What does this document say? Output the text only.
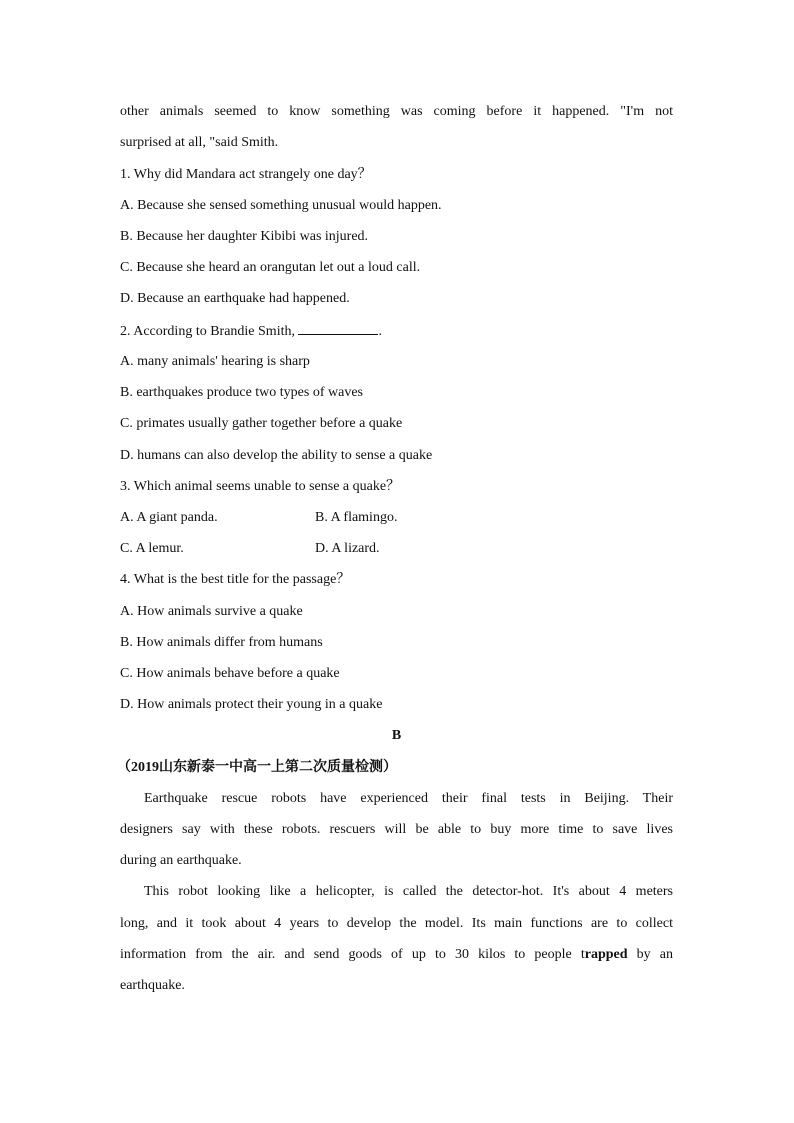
other animals seemed to know something was coming before it happened. "I'm not
surprised at all, "said Smith.
1. Why did Mandara act strangely one day？
A. Because she sensed something unusual would happen.
B. Because her daughter Kibibi was injured.
C. Because she heard an orangutan let out a loud call.
D. Because an earthquake had happened.
2. According to Brandie Smith,	.
A. many animals' hearing is sharp
B. earthquakes produce two types of waves
C. primates usually gather together before a quake
D. humans can also develop the ability to sense a quake
3. Which animal seems unable to sense a quake？
A. A giant panda.	B. A flamingo.
C. A lemur.	D. A lizard.
4. What is the best title for the passage？
A. How animals survive a quake
B. How animals differ from humans
C. How animals behave before a quake
D. How animals protect their young in a quake
B
（2019山东新泰一中高一上第二次质量检测）
Earthquake rescue robots have experienced their final tests in Beijing. Their
designers say with these robots. rescuers will be able to buy more time to save lives
during an earthquake.
This robot looking like a helicopter, is called the detector-hot. It's about 4 meters
long, and it took about 4 years to develop the model. Its main functions are to collect
information from the air. and send goods of up to 30 kilos to people trapped by an
earthquake.
